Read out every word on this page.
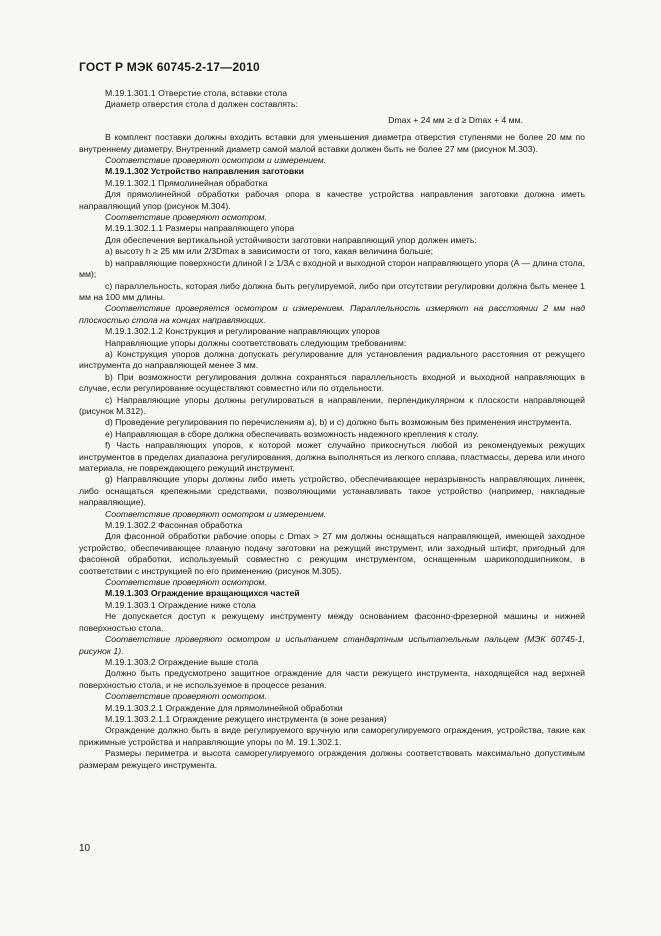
ГОСТ Р МЭК 60745-2-17—2010

М.19.1.301.1 Отверстие стола, вставки стола

Диаметр отверстия стола d должен составлять:

Dmax + 24 мм ≥ d ≥ Dmax + 4 мм.

В комплект поставки должны входить вставки для уменьшения диаметра отверстия ступенями не более 20 мм по внутреннему диаметру. Внутренний диаметр самой малой вставки должен быть не более 27 мм (рисунок М.303).

Соответствие проверяют осмотром и измерением.

М.19.1.302 Устройство направления заготовки

М.19.1.302.1 Прямолинейная обработка

Для прямолинейной обработки рабочая опора в качестве устройства направления заготовки должна иметь направляющий упор (рисунок М.304).

Соответствие проверяют осмотром.

М.19.1.302.1.1 Размеры направляющего упора

Для обеспечения вертикальной устойчивости заготовки направляющий упор должен иметь:

a) высоту h ≥ 25 мм или 2/3Dmax в зависимости от того, какая величина больше;

b) направляющие поверхности длиной l ≥ 1/3A с входной и выходной сторон направляющего упора (A — длина стола, мм);

c) параллельность, которая либо должна быть регулируемой, либо при отсутствии регулировки должна быть менее 1 мм на 100 мм длины.

Соответствие проверяется осмотром и измерением. Параллельность измеряют на расстоянии 2 мм над плоскостью стола на концах направляющих.

М.19.1.302.1.2 Конструкция и регулирование направляющих упоров

Направляющие упоры должны соответствовать следующим требованиям:

a) Конструкция упоров должна допускать регулирование для установления радиального расстояния от режущего инструмента до направляющей менее 3 мм.

b) При возможности регулирования должна сохраняться параллельность входной и выходной направляющих в случае, если регулирование осуществляют совместно или по отдельности.

c) Направляющие упоры должны регулироваться в направлении, перпендикулярном к плоскости направляющей (рисунок М.312).

d) Проведение регулирования по перечислениям a), b) и c) должно быть возможным без применения инструмента.

e) Направляющая в сборе должна обеспечивать возможность надежного крепления к столу.

f) Часть направляющих упоров, к которой может случайно прикоснуться любой из рекомендуемых режущих инструментов в пределах диапазона регулирования, должна выполняться из легкого сплава, пластмассы, дерева или иного материала, не повреждающего режущий инструмент.

g) Направляющие упоры должны либо иметь устройство, обеспечивающее неразрывность направляющих линеек, либо оснащаться крепежными средствами, позволяющими устанавливать такое устройство (например, накладные направляющие).

Соответствие проверяют осмотром и измерением.

М.19.1.302.2 Фасонная обработка

Для фасонной обработки рабочие опоры с Dmax > 27 мм должны оснащаться направляющей, имеющей заходное устройство, обеспечивающее плавную подачу заготовки на режущий инструмент, или заходный штифт, пригодный для фасонной обработки, используемый совместно с режущим инструментом, оснащенным шарикоподшипником, в соответствии с инструкцией по его применению (рисунок М.305).

Соответствие проверяют осмотром.

М.19.1.303 Ограждение вращающихся частей

М.19.1.303.1 Ограждение ниже стола

Не допускается доступ к режущему инструменту между основанием фасонно-фрезерной машины и нижней поверхностью стола.

Соответствие проверяют осмотром и испытанием стандартным испытательным пальцем (МЭК 60745-1, рисунок 1).

М.19.1.303.2 Ограждение выше стола

Должно быть предусмотрено защитное ограждение для части режущего инструмента, находящейся над верхней поверхностью стола, и не используемое в процессе резания.

Соответствие проверяют осмотром.

М.19.1.303.2.1 Ограждение для прямолинейной обработки

М.19.1.303.2.1.1 Ограждение режущего инструмента (в зоне резания)

Ограждение должно быть в виде регулируемого вручную или саморегулируемого ограждения, устройства, такие как прижимные устройства и направляющие упоры по М. 19.1.302.1.

Размеры периметра и высота саморегулируемого ограждения должны соответствовать максимально допустимым размерам режущего инструмента.

10
